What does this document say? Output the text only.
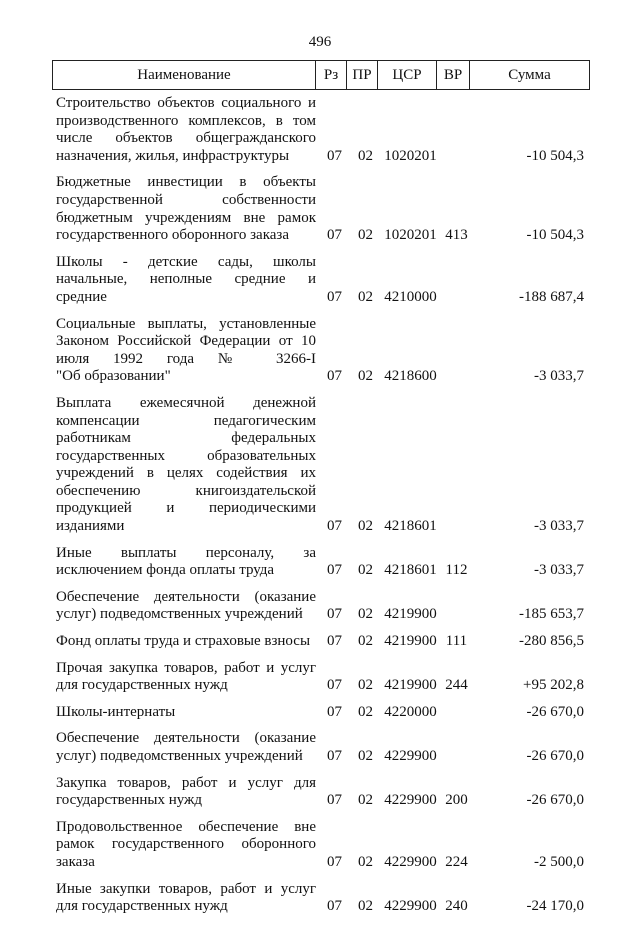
496
Наименование	Рз ПР	ЦСР	ВР	Сумма
Строительство объектов социального и
производственного комплексов, в том
числе объектов общегражданского
назначения, жилья, инфраструктуры	07	02 1020201	-10 504,3
Бюджетные инвестиции в объекты
государственной собственности
бюджетным учреждениям вне рамок
государственного оборонного заказа	07	02 1020201 413	-10 504,3
Школы - детские сады, школы
начальные, неполные средние и
средние	07	02 4210000	-188 687,4
Социальные выплаты, установленные
Законом Российской Федерации от 10
июля 1992 года № 3266-I
"Об образовании"	07	02 4218600	-3 033,7
Выплата ежемесячной денежной
компенсации педагогическим
работникам федеральных
государственных образовательных
учреждений в целях содействия их
обеспечению книгоиздательской
продукцией и периодическими
изданиями	07	02 4218601	-3 033,7
Иные выплаты персоналу, за
исключением фонда оплаты труда	07	02 4218601 112	-3 033,7
Обеспечение деятельности (оказание
услуг) подведомственных учреждений	07	02 4219900	-185 653,7
Фонд оплаты труда и страховые взносы	07	02 4219900 111	-280 856,5
Прочая закупка товаров, работ и услуг
для государственных нужд	07	02 4219900 244	+95 202,8
Школы-интернаты	07	02 4220000	-26 670,0
Обеспечение деятельности (оказание
услуг) подведомственных учреждений	07	02 4229900	-26 670,0
Закупка товаров, работ и услуг для
государственных нужд	07	02 4229900 200	-26 670,0
Продовольственное обеспечение вне
рамок государственного оборонного
заказа	07	02 4229900 224	-2 500,0
Иные закупки товаров, работ и услуг
для государственных нужд	07	02 4229900 240	-24 170,0
